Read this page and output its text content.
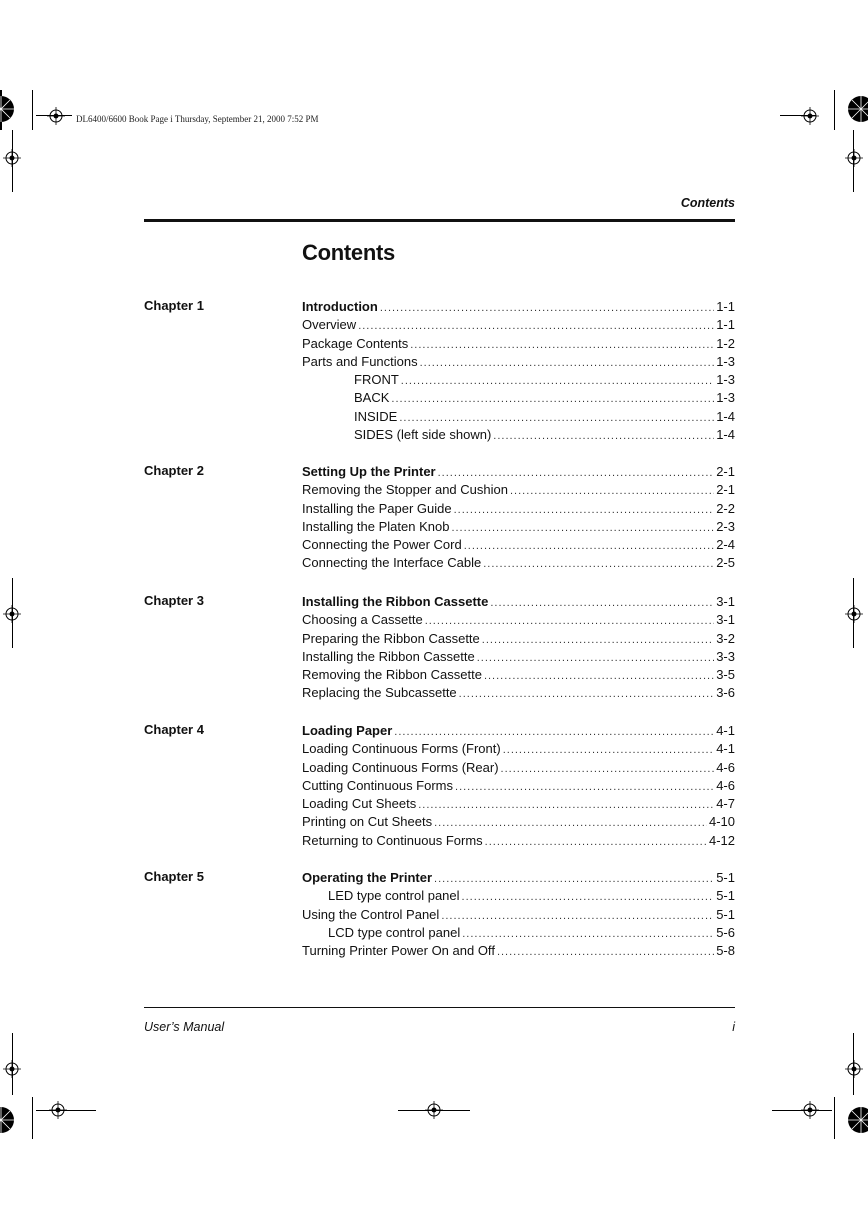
DL6400/6600 Book Page i Thursday, September 21, 2000 7:52 PM
Contents
Contents
Chapter 1	Introduction .....	1-1
Overview .....	1-1
Package Contents .....	1-2
Parts and Functions .....	1-3
FRONT .....	1-3
BACK .....	1-3
INSIDE .....	1-4
SIDES (left side shown) .....	1-4
Chapter 2	Setting Up the Printer .....	2-1
Removing the Stopper and Cushion .....	2-1
Installing the Paper Guide .....	2-2
Installing the Platen Knob .....	2-3
Connecting the Power Cord .....	2-4
Connecting the Interface Cable .....	2-5
Chapter 3	Installing the Ribbon Cassette .....	3-1
Choosing a Cassette .....	3-1
Preparing the Ribbon Cassette .....	3-2
Installing the Ribbon Cassette .....	3-3
Removing the Ribbon Cassette .....	3-5
Replacing the Subcassette .....	3-6
Chapter 4	Loading Paper .....	4-1
Loading Continuous Forms (Front) .....	4-1
Loading Continuous Forms (Rear) .....	4-6
Cutting Continuous Forms .....	4-6
Loading Cut Sheets .....	4-7
Printing on Cut Sheets .....	4-10
Returning to Continuous Forms .....	4-12
Chapter 5	Operating the Printer .....	5-1
LED type control panel .....	5-1
Using the Control Panel .....	5-1
LCD type control panel .....	5-6
Turning Printer Power On and Off .....	5-8
User’s Manual	i
